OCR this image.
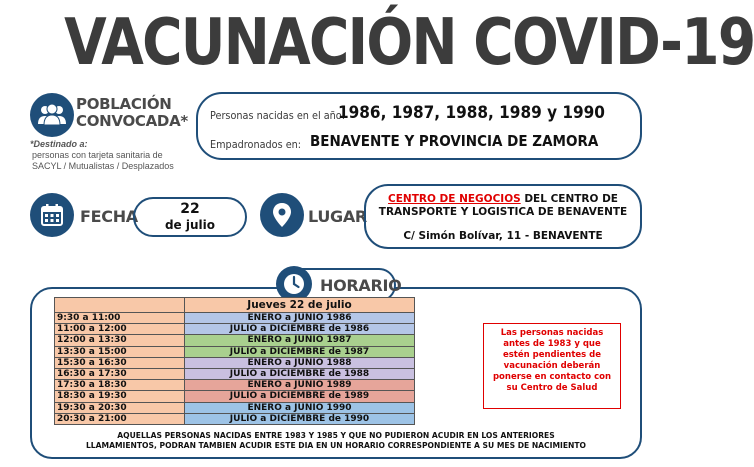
VACUNACIÓN COVID-19
POBLACIÓN
CONVOCADA*
*Destinado a:
personas con tarjeta sanitaria de SACYL / Mutualistas / Desplazados
Personas nacidas en el año:
1986, 1987, 1988, 1989 y 1990
Empadronados en: BENAVENTE Y PROVINCIA DE ZAMORA
FECHA	22
de julio	LUGAR
CENTRO DE NEGOCIOS DEL CENTRO DE
TRANSPORTE Y LOGISTICA DE BENAVENTE
C/ Simón Bolívar, 11 - BENAVENTE
HORARIO
	Jueves 22 de julio
9:30 a 11:00	ENERO a JUNIO 1986
11:00 a 12:00	JULIO a DICIEMBRE de 1986
12:00 a 13:30	ENERO a JUNIO 1987
13:30 a 15:00	JULIO a DICIEMBRE de 1987
15:30 a 16:30	ENERO a JUNIO 1988
16:30 a 17:30	JULIO a DICIEMBRE de 1988
17:30 a 18:30	ENERO a JUNIO 1989
18:30 a 19:30	JULIO a DICIEMBRE de 1989
19:30 a 20:30	ENERO a JUNIO 1990
20:30 a 21:00	JULIO a DICIEMBRE de 1990
Las personas nacidas antes de 1983 y que estén pendientes de vacunación deberán ponerse en contacto con su Centro de Salud
AQUELLAS PERSONAS NACIDAS ENTRE 1983 Y 1985 Y QUE NO PUDIERON ACUDIR EN LOS ANTERIORES
LLAMAMIENTOS, PODRAN TAMBIEN ACUDIR ESTE DIA EN UN HORARIO CORRESPONDIENTE A SU MES DE NACIMIENTO
